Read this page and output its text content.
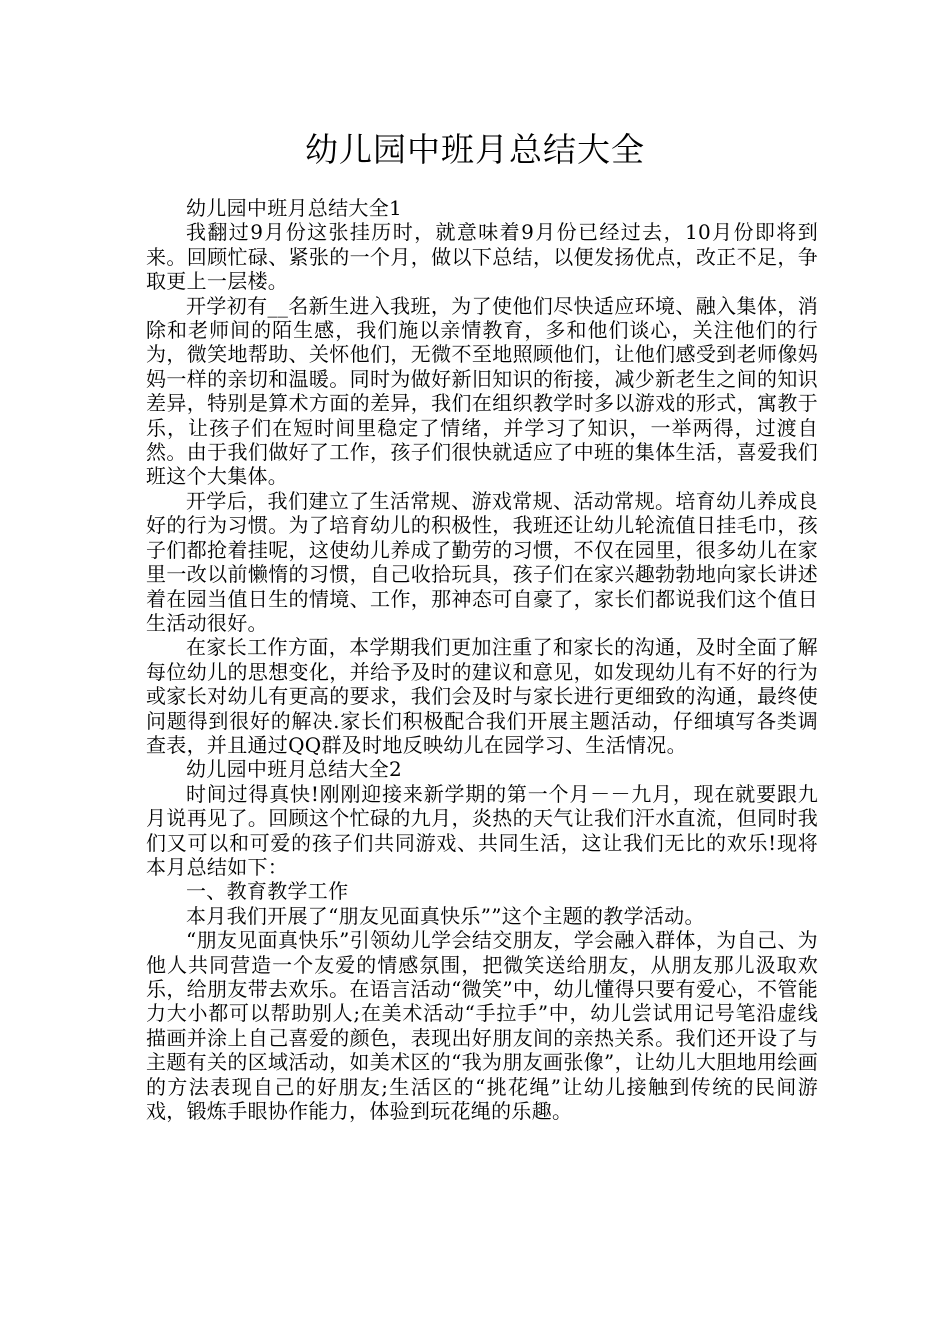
幼儿园中班月总结大全

幼儿园中班月总结大全1

我翻过9月份这张挂历时，就意味着9月份已经过去，10月份即将到来。回顾忙碌、紧张的一个月，做以下总结，以便发扬优点，改正不足，争取更上一层楼。

开学初有__名新生进入我班，为了使他们尽快适应环境、融入集体，消除和老师间的陌生感，我们施以亲情教育，多和他们谈心，关注他们的行为，微笑地帮助、关怀他们，无微不至地照顾他们，让他们感受到老师像妈妈一样的亲切和温暖。同时为做好新旧知识的衔接，减少新老生之间的知识差异，特别是算术方面的差异，我们在组织教学时多以游戏的形式，寓教于乐，让孩子们在短时间里稳定了情绪，并学习了知识，一举两得，过渡自然。由于我们做好了工作，孩子们很快就适应了中班的集体生活，喜爱我们班这个大集体。

开学后，我们建立了生活常规、游戏常规、活动常规。培育幼儿养成良好的行为习惯。为了培育幼儿的积极性，我班还让幼儿轮流值日挂毛巾，孩子们都抢着挂呢，这使幼儿养成了勤劳的习惯，不仅在园里，很多幼儿在家里一改以前懒惰的习惯，自己收拾玩具，孩子们在家兴趣勃勃地向家长讲述着在园当值日生的情境、工作，那神态可自豪了，家长们都说我们这个值日生活动很好。

在家长工作方面，本学期我们更加注重了和家长的沟通，及时全面了解每位幼儿的思想变化，并给予及时的建议和意见，如发现幼儿有不好的行为或家长对幼儿有更高的要求，我们会及时与家长进行更细致的沟通，最终使问题得到很好的解决.家长们积极配合我们开展主题活动，仔细填写各类调查表，并且通过QQ群及时地反映幼儿在园学习、生活情况。

幼儿园中班月总结大全2

时间过得真快!刚刚迎接来新学期的第一个月－－九月，现在就要跟九月说再见了。回顾这个忙碌的九月，炎热的天气让我们汗水直流，但同时我们又可以和可爱的孩子们共同游戏、共同生活，这让我们无比的欢乐!现将本月总结如下：

一、教育教学工作

本月我们开展了“朋友见面真快乐””这个主题的教学活动。

“朋友见面真快乐”引领幼儿学会结交朋友，学会融入群体，为自己、为他人共同营造一个友爱的情感氛围，把微笑送给朋友，从朋友那儿汲取欢乐，给朋友带去欢乐。在语言活动“微笑”中，幼儿懂得只要有爱心，不管能力大小都可以帮助别人;在美术活动“手拉手”中，幼儿尝试用记号笔沿虚线描画并涂上自己喜爱的颜色，表现出好朋友间的亲热关系。我们还开设了与主题有关的区域活动，如美术区的“我为朋友画张像”，让幼儿大胆地用绘画的方法表现自己的好朋友;生活区的“挑花绳”让幼儿接触到传统的民间游戏，锻炼手眼协作能力，体验到玩花绳的乐趣。
